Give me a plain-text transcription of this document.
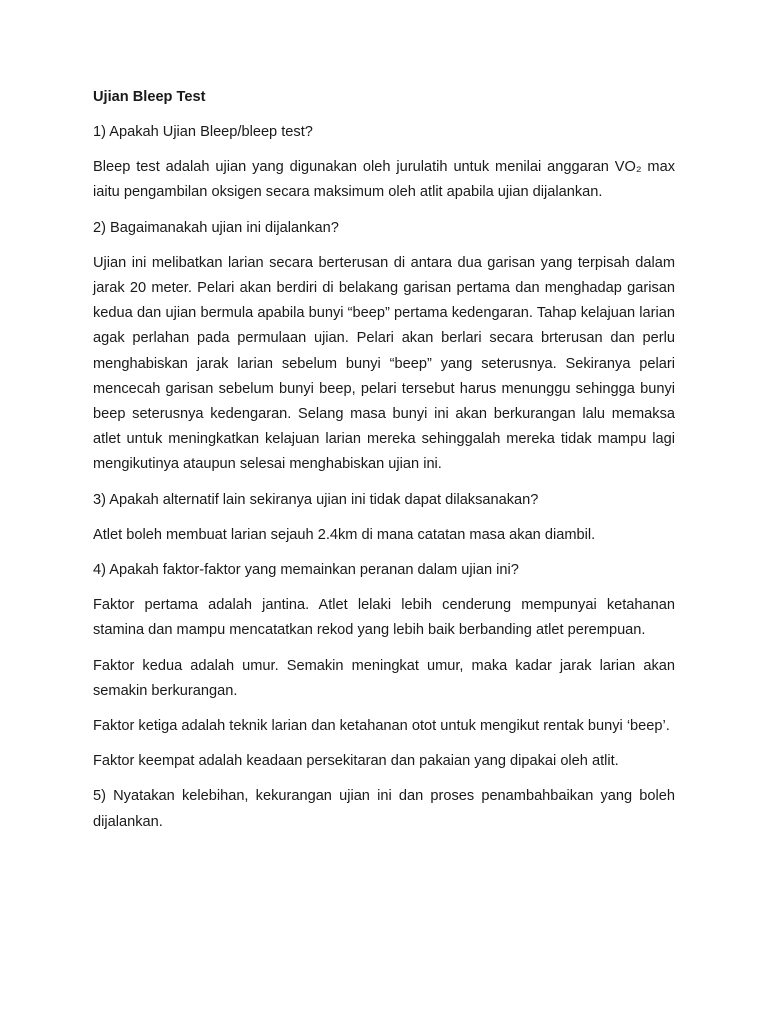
Ujian Bleep Test

1) Apakah Ujian Bleep/bleep test?

Bleep test adalah ujian yang digunakan oleh jurulatih untuk menilai anggaran VO₂ max iaitu pengambilan oksigen secara maksimum oleh atlit apabila ujian dijalankan.

2) Bagaimanakah ujian ini dijalankan?

Ujian ini melibatkan larian secara berterusan di antara dua garisan yang terpisah dalam jarak 20 meter. Pelari akan berdiri di belakang garisan pertama dan menghadap garisan kedua dan ujian bermula apabila bunyi “beep” pertama kedengaran. Tahap kelajuan larian agak perlahan pada permulaan ujian. Pelari akan berlari secara brterusan dan perlu menghabiskan jarak larian sebelum bunyi “beep” yang seterusnya. Sekiranya pelari mencecah garisan sebelum bunyi beep, pelari tersebut harus menunggu sehingga bunyi beep seterusnya kedengaran. Selang masa bunyi ini akan berkurangan lalu memaksa atlet untuk meningkatkan kelajuan larian mereka sehinggalah mereka tidak mampu lagi mengikutinya ataupun selesai menghabiskan ujian ini.

3) Apakah alternatif lain sekiranya ujian ini tidak dapat dilaksanakan?

Atlet boleh membuat larian sejauh 2.4km di mana catatan masa akan diambil.

4) Apakah faktor-faktor yang memainkan peranan dalam ujian ini?

Faktor pertama adalah jantina. Atlet lelaki lebih cenderung mempunyai ketahanan stamina dan mampu mencatatkan rekod yang lebih baik berbanding atlet perempuan.

Faktor kedua adalah umur. Semakin meningkat umur, maka kadar jarak larian akan semakin berkurangan.

Faktor ketiga adalah teknik larian dan ketahanan otot untuk mengikut rentak bunyi ‘beep’.

Faktor keempat adalah keadaan persekitaran dan pakaian yang dipakai oleh atlit.

5) Nyatakan kelebihan, kekurangan ujian ini dan proses penambahbaikan yang boleh dijalankan.
